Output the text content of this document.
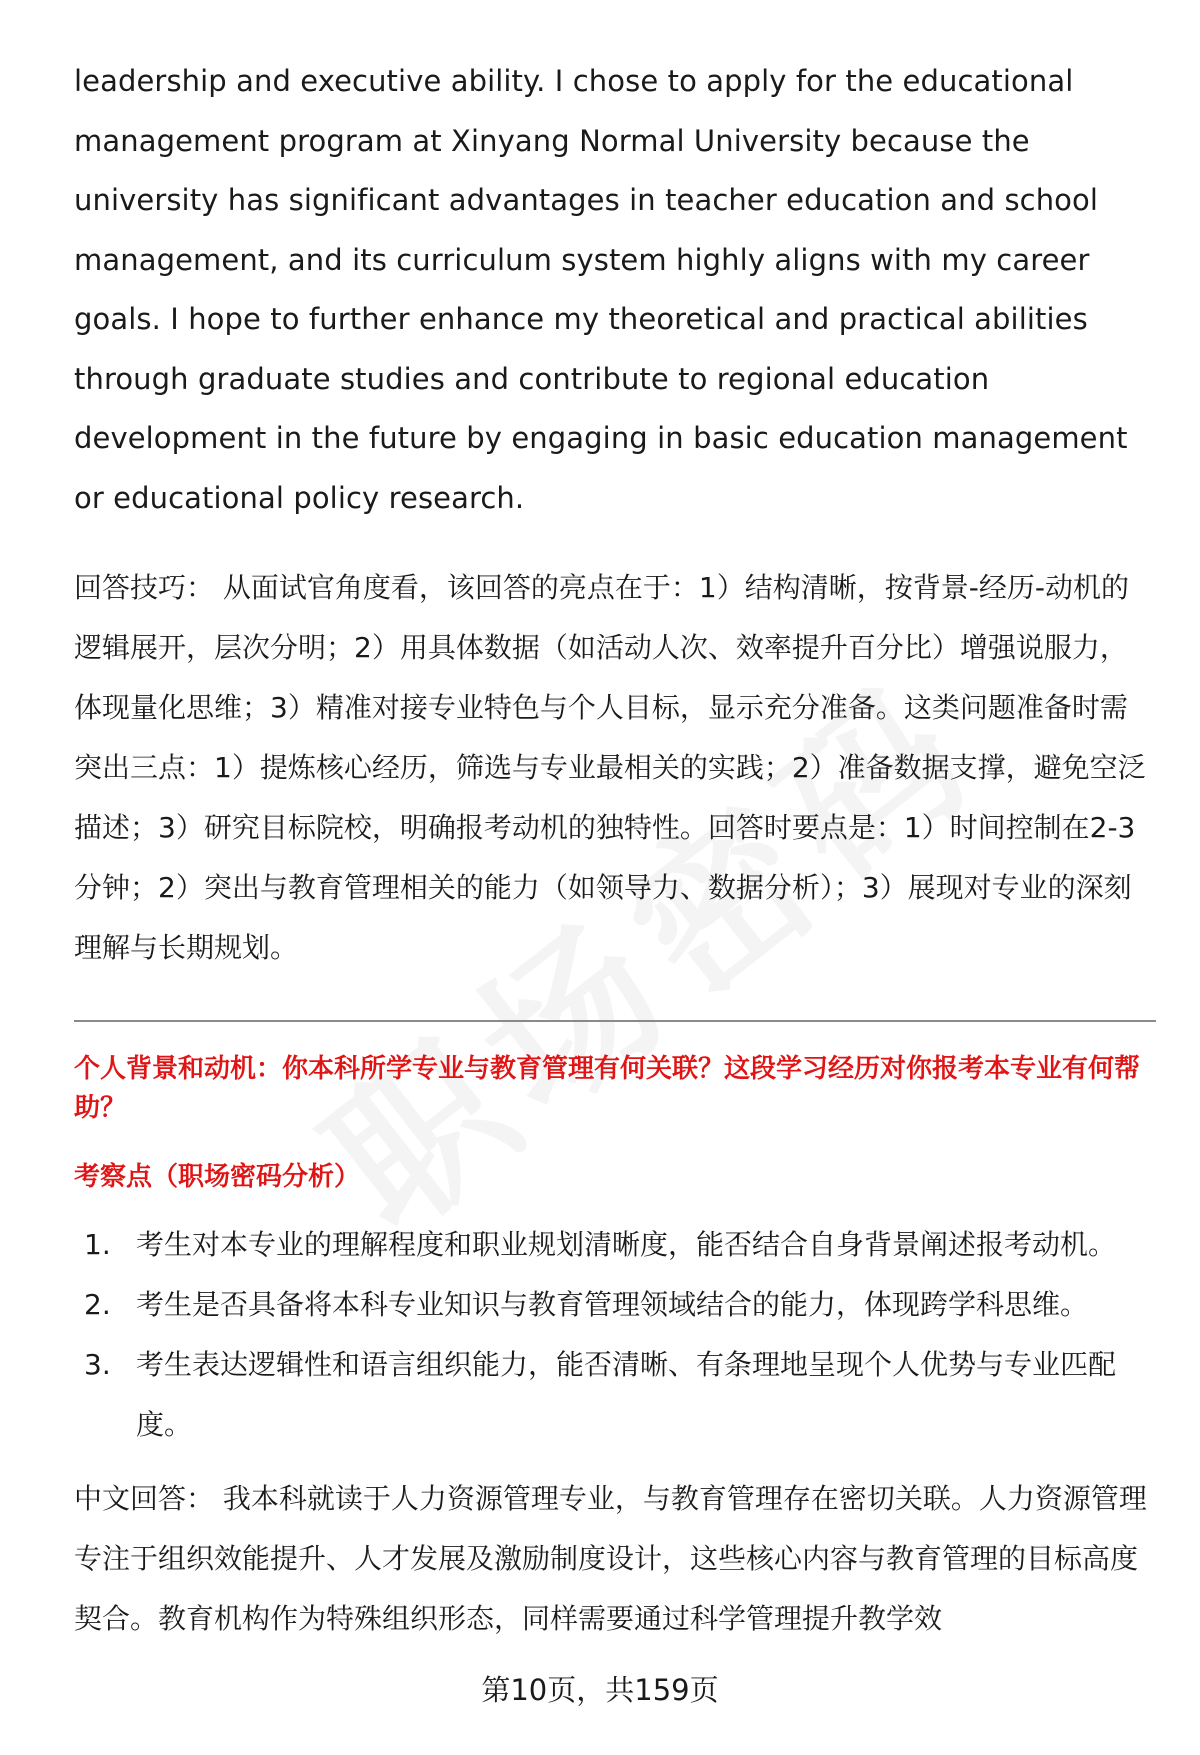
leadership and executive ability. I chose to apply for the educational management program at Xinyang Normal University because the university has significant advantages in teacher education and school management, and its curriculum system highly aligns with my career goals. I hope to further enhance my theoretical and practical abilities through graduate studies and contribute to regional education development in the future by engaging in basic education management or educational policy research.

回答技巧： 从面试官角度看，该回答的亮点在于：1）结构清晰，按背景-经历-动机的逻辑展开，层次分明；2）用具体数据（如活动人次、效率提升百分比）增强说服力，体现量化思维；3）精准对接专业特色与个人目标，显示充分准备。这类问题准备时需突出三点：1）提炼核心经历，筛选与专业最相关的实践；2）准备数据支撑，避免空泛描述；3）研究目标院校，明确报考动机的独特性。回答时要点是：1）时间控制在2-3分钟；2）突出与教育管理相关的能力（如领导力、数据分析）；3）展现对专业的深刻理解与长期规划。

个人背景和动机：你本科所学专业与教育管理有何关联？这段学习经历对你报考本专业有何帮助？

考察点（职场密码分析）

1. 考生对本专业的理解程度和职业规划清晰度，能否结合自身背景阐述报考动机。
2. 考生是否具备将本科专业知识与教育管理领域结合的能力，体现跨学科思维。
3. 考生表达逻辑性和语言组织能力，能否清晰、有条理地呈现个人优势与专业匹配度。

中文回答： 我本科就读于人力资源管理专业，与教育管理存在密切关联。人力资源管理专注于组织效能提升、人才发展及激励制度设计，这些核心内容与教育管理的目标高度契合。教育机构作为特殊组织形态，同样需要通过科学管理提升教学效

第10页，共159页
